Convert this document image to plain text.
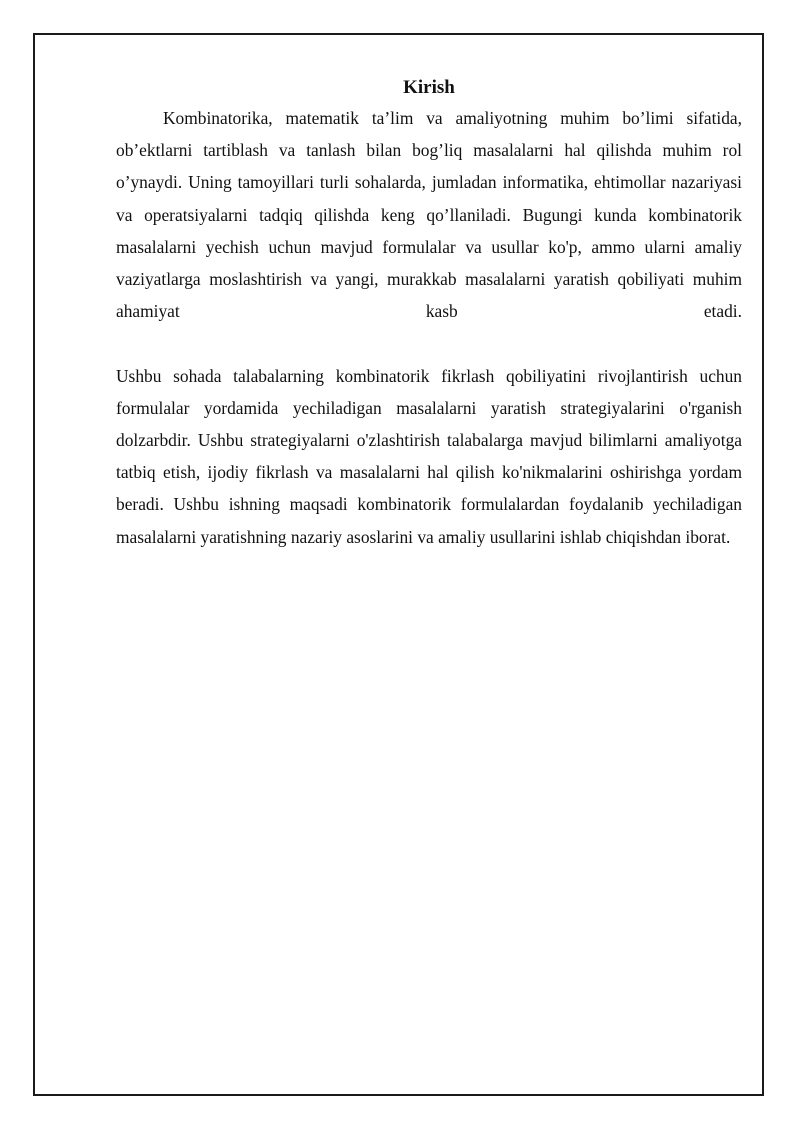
Kirish

Kombinatorika, matematik ta’lim va amaliyotning muhim bo’limi sifatida, ob’ektlarni tartiblash va tanlash bilan bog’liq masalalarni hal qilishda muhim rol o’ynaydi. Uning tamoyillari turli sohalarda, jumladan informatika, ehtimollar nazariyasi va operatsiyalarni tadqiq qilishda keng qo’llaniladi. Bugungi kunda kombinatorik masalalarni yechish uchun mavjud formulalar va usullar ko'p, ammo ularni amaliy vaziyatlarga moslashtirish va yangi, murakkab masalalarni yaratish qobiliyati muhim ahamiyat kasb etadi.

Ushbu sohada talabalarning kombinatorik fikrlash qobiliyatini rivojlantirish uchun formulalar yordamida yechiladigan masalalarni yaratish strategiyalarini o'rganish dolzarbdir. Ushbu strategiyalarni o'zlashtirish talabalarga mavjud bilimlarni amaliyotga tatbiq etish, ijodiy fikrlash va masalalarni hal qilish ko'nikmalarini oshirishga yordam beradi. Ushbu ishning maqsadi kombinatorik formulalardan foydalanib yechiladigan masalalarni yaratishning nazariy asoslarini va amaliy usullarini ishlab chiqishdan iborat.
